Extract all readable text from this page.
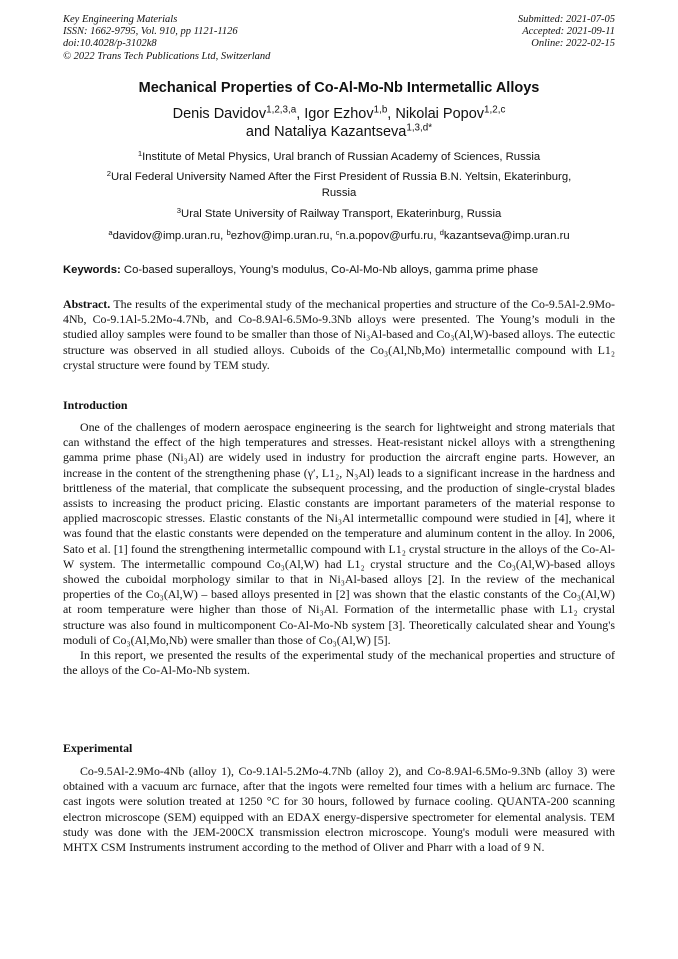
Key Engineering Materials
ISSN: 1662-9795, Vol. 910, pp 1121-1126
doi:10.4028/p-3102k8
© 2022 Trans Tech Publications Ltd, Switzerland
Submitted: 2021-07-05
Accepted: 2021-09-11
Online: 2022-02-15
Mechanical Properties of Co-Al-Mo-Nb Intermetallic Alloys
Denis Davidov$^{1,2,3,a}$, Igor Ezhov$^{1,b}$, Nikolai Popov$^{1,2,c}$
and Nataliya Kazantseva$^{1,3,d*}$
$^1$Institute of Metal Physics, Ural branch of Russian Academy of Sciences, Russia
$^2$Ural Federal University Named After the First President of Russia B.N. Yeltsin, Ekaterinburg, Russia
$^3$Ural State University of Railway Transport, Ekaterinburg, Russia
$^a$davidov@imp.uran.ru, $^b$ezhov@imp.uran.ru, $^c$n.a.popov@urfu.ru, $^d$kazantseva@imp.uran.ru
Keywords: Co-based superalloys, Young’s modulus, Co-Al-Mo-Nb alloys, gamma prime phase

Abstract. The results of the experimental study of the mechanical properties and structure of the Co-9.5Al-2.9Mo-4Nb, Co-9.1Al-5.2Mo-4.7Nb, and Co-8.9Al-6.5Mo-9.3Nb alloys were presented. The Young’s moduli in the studied alloy samples were found to be smaller than those of Ni₃Al-based and Co₃(Al,W)-based alloys. The eutectic structure was observed in all studied alloys. Cuboids of the Co₃(Al,Nb,Mo) intermetallic compound with L1₂ crystal structure were found by TEM study.

Introduction

One of the challenges of modern aerospace engineering is the search for lightweight and strong materials that can withstand the effect of the high temperatures and stresses. Heat-resistant nickel alloys with a strengthening gamma prime phase (Ni₃Al) are widely used in industry for production the aircraft engine parts. However, an increase in the content of the strengthening phase (γ′, L1₂, N₃Al) leads to a significant increase in the hardness and brittleness of the material, that complicate the subsequent processing, and the production of single-crystal blades assists to increasing the product pricing. Elastic constants are important parameters of the material response to applied macroscopic stresses. Elastic constants of the Ni₃Al intermetallic compound were studied in [4], where it was found that the elastic constants were depended on the temperature and aluminum content in the alloy. In 2006, Sato et al. [1] found the strengthening intermetallic compound with L1₂ crystal structure in the alloys of the Co-Al-W system. The intermetallic compound Co₃(Al,W) had L1₂ crystal structure and the Co₃(Al,W)-based alloys showed the cuboidal morphology similar to that in Ni₃Al-based alloys [2]. In the review of the mechanical properties of the Co₃(Al,W) – based alloys presented in [2] was shown that the elastic constants of the Co₃(Al,W) at room temperature were higher than those of Ni₃Al. Formation of the intermetallic phase with L1₂ crystal structure was also found in multicomponent Co-Al-Mo-Nb system [3]. Theoretically calculated shear and Young's moduli of Co₃(Al,Mo,Nb) were smaller than those of Co₃(Al,W) [5].

In this report, we presented the results of the experimental study of the mechanical properties and structure of the alloys of the Co-Al-Mo-Nb system.

Experimental

Co-9.5Al-2.9Mo-4Nb (alloy 1), Co-9.1Al-5.2Mo-4.7Nb (alloy 2), and Co-8.9Al-6.5Mo-9.3Nb (alloy 3) were obtained with a vacuum arc furnace, after that the ingots were remelted four times with a helium arc furnace. The cast ingots were solution treated at 1250 °C for 30 hours, followed by furnace cooling. QUANTA-200 scanning electron microscope (SEM) equipped with an EDAX energy-dispersive spectrometer for elemental analysis. TEM study was done with the JEM-200CX transmission electron microscope. Young's moduli were measured with MHTX CSM Instruments instrument according to the method of Oliver and Pharr with a load of 9 N.
